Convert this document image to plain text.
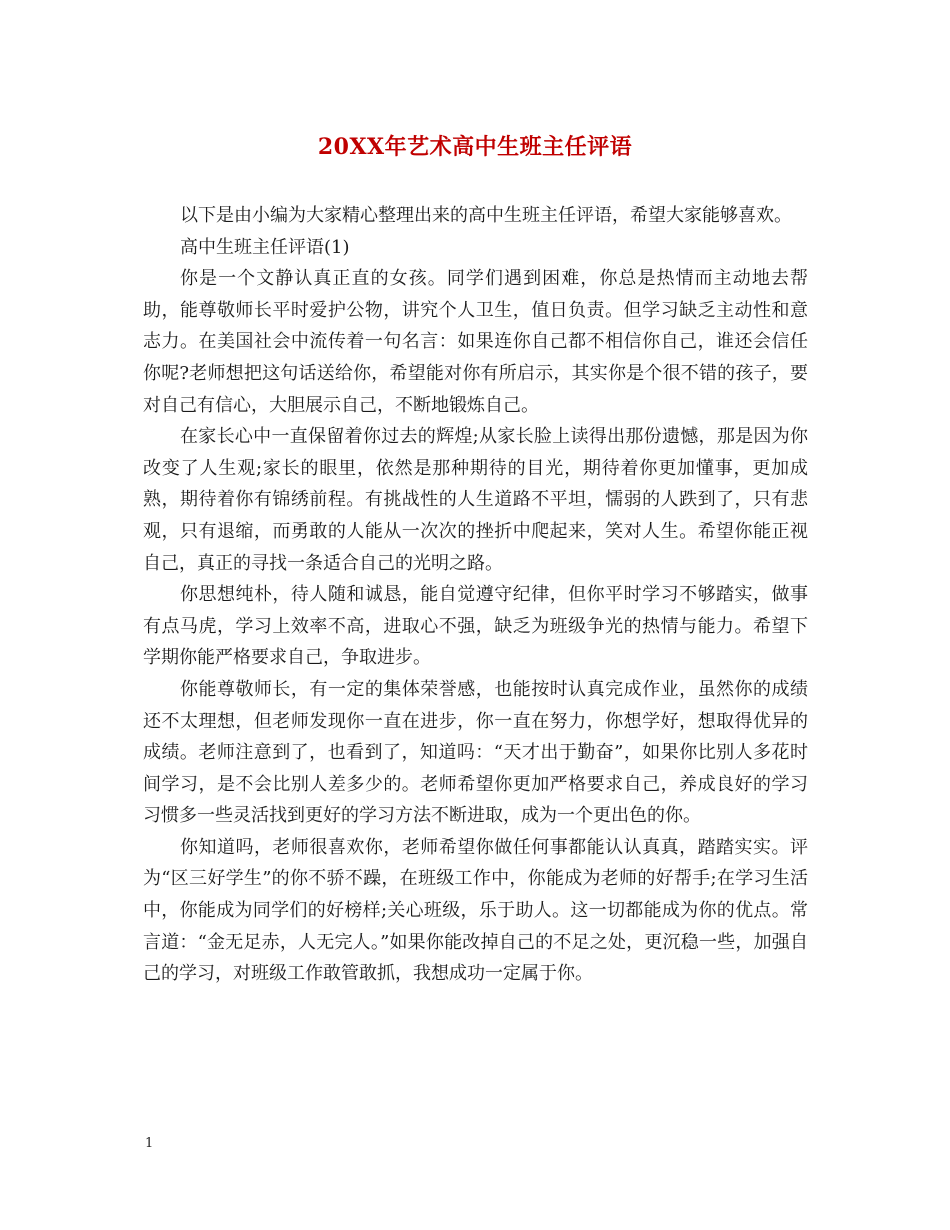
20XX年艺术高中生班主任评语

以下是由小编为大家精心整理出来的高中生班主任评语，希望大家能够喜欢。

高中生班主任评语(1)

你是一个文静认真正直的女孩。同学们遇到困难，你总是热情而主动地去帮助，能尊敬师长平时爱护公物，讲究个人卫生，值日负责。但学习缺乏主动性和意志力。在美国社会中流传着一句名言：如果连你自己都不相信你自己，谁还会信任你呢?老师想把这句话送给你，希望能对你有所启示，其实你是个很不错的孩子，要对自己有信心，大胆展示自己，不断地锻炼自己。

在家长心中一直保留着你过去的辉煌;从家长脸上读得出那份遗憾，那是因为你改变了人生观;家长的眼里，依然是那种期待的目光，期待着你更加懂事，更加成熟，期待着你有锦绣前程。有挑战性的人生道路不平坦，懦弱的人跌到了，只有悲观，只有退缩，而勇敢的人能从一次次的挫折中爬起来，笑对人生。希望你能正视自己，真正的寻找一条适合自己的光明之路。

你思想纯朴，待人随和诚恳，能自觉遵守纪律，但你平时学习不够踏实，做事有点马虎，学习上效率不高，进取心不强，缺乏为班级争光的热情与能力。希望下学期你能严格要求自己，争取进步。

你能尊敬师长，有一定的集体荣誉感，也能按时认真完成作业，虽然你的成绩还不太理想，但老师发现你一直在进步，你一直在努力，你想学好，想取得优异的成绩。老师注意到了，也看到了，知道吗：“天才出于勤奋”，如果你比别人多花时间学习，是不会比别人差多少的。老师希望你更加严格要求自己，养成良好的学习习惯多一些灵活找到更好的学习方法不断进取，成为一个更出色的你。

你知道吗，老师很喜欢你，老师希望你做任何事都能认认真真，踏踏实实。评为“区三好学生”的你不骄不躁，在班级工作中，你能成为老师的好帮手;在学习生活中，你能成为同学们的好榜样;关心班级，乐于助人。这一切都能成为你的优点。常言道：“金无足赤，人无完人。”如果你能改掉自己的不足之处，更沉稳一些，加强自己的学习，对班级工作敢管敢抓，我想成功一定属于你。

1
